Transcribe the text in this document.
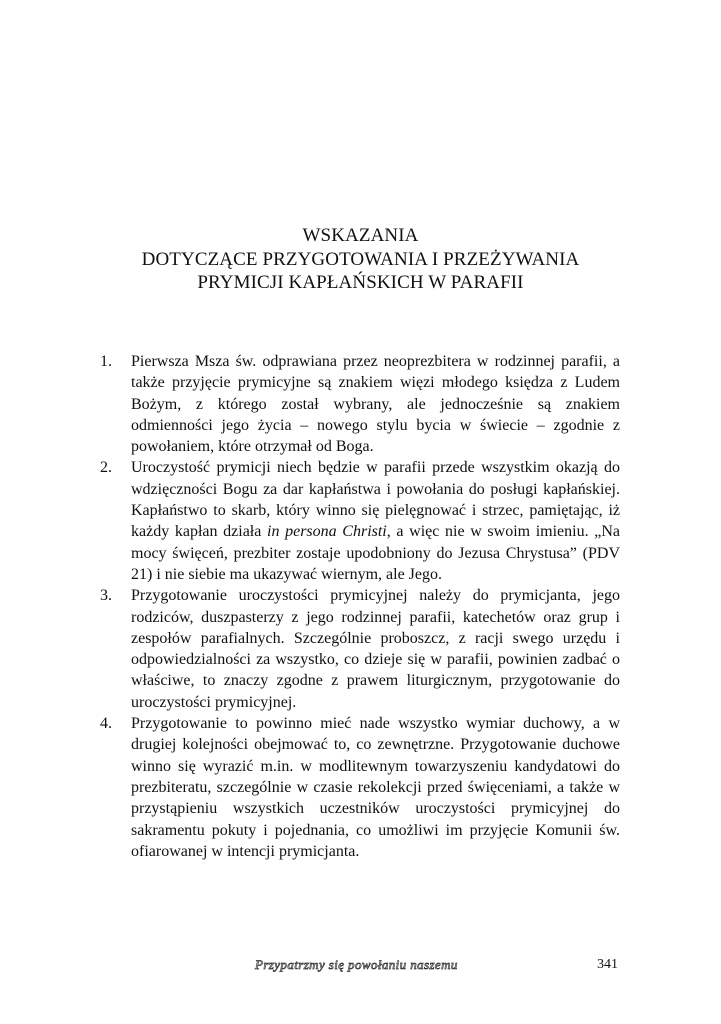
WSKAZANIA
DOTYCZĄCE PRZYGOTOWANIA I PRZEŻYWANIA
PRYMICJI KAPŁAŃSKICH W PARAFII
1. Pierwsza Msza św. odprawiana przez neoprezbitera w rodzinnej parafii, a także przyjęcie prymicyjne są znakiem więzi młodego księdza z Ludem Bożym, z którego został wybrany, ale jednocześnie są znakiem odmienności jego życia – nowego stylu bycia w świecie – zgodnie z powołaniem, które otrzymał od Boga.
2. Uroczystość prymicji niech będzie w parafii przede wszystkim okazją do wdzięczności Bogu za dar kapłaństwa i powołania do posługi kapłańskiej. Kapłaństwo to skarb, który winno się pielęgnować i strzec, pamiętając, iż każdy kapłan działa in persona Christi, a więc nie w swoim imieniu. „Na mocy święceń, prezbiter zostaje upodobniony do Jezusa Chrystusa” (PDV 21) i nie siebie ma ukazywać wiernym, ale Jego.
3. Przygotowanie uroczystości prymicyjnej należy do prymicjanta, jego rodziców, duszpasterzy z jego rodzinnej parafii, katechetów oraz grup i zespołów parafialnych. Szczególnie proboszcz, z racji swego urzędu i odpowiedzialności za wszystko, co dzieje się w parafii, powinien zadbać o właściwe, to znaczy zgodne z prawem liturgicznym, przygotowanie do uroczystości prymicyjnej.
4. Przygotowanie to powinno mieć nade wszystko wymiar duchowy, a w drugiej kolejności obejmować to, co zewnętrzne. Przygotowanie duchowe winno się wyrazić m.in. w modlitewnym towarzyszeniu kandydatowi do prezbiteratu, szczególnie w czasie rekolekcji przed święceniami, a także w przystąpieniu wszystkich uczestników uroczystości prymicyjnej do sakramentu pokuty i pojednania, co umożliwi im przyjęcie Komunii św. ofiarowanej w intencji prymicjanta.
Przypatrzmy się powołaniu naszemu	341
